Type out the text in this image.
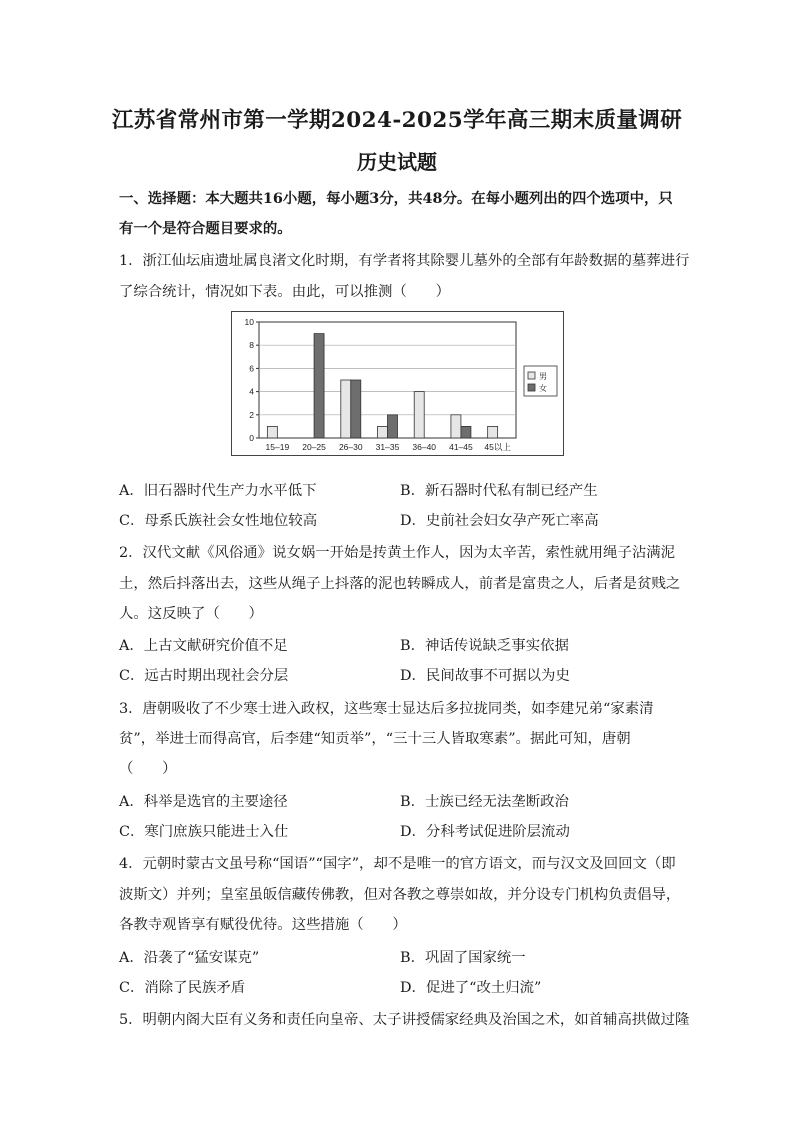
江苏省常州市第一学期2024-2025学年高三期末质量调研
历史试题
一、选择题：本大题共16小题，每小题3分，共48分。在每小题列出的四个选项中，只
有一个是符合题目要求的。
1．浙江仙坛庙遗址属良渚文化时期，有学者将其除婴儿墓外的全部有年龄数据的墓葬进行
了综合统计，情况如下表。由此，可以推测（　　）
0
2
4
6
8
10
15–19 20–25 26–30 31–35 36–40 41–45 45以上
男
女
A．旧石器时代生产力水平低下	B．新石器时代私有制已经产生
C．母系氏族社会女性地位较高	D．史前社会妇女孕产死亡率高
2．汉代文献《风俗通》说女娲一开始是抟黄土作人，因为太辛苦，索性就用绳子沾满泥
土，然后抖落出去，这些从绳子上抖落的泥也转瞬成人，前者是富贵之人，后者是贫贱之
人。这反映了（　　）
A．上古文献研究价值不足	B．神话传说缺乏事实依据
C．远古时期出现社会分层	D．民间故事不可据以为史
3．唐朝吸收了不少寒士进入政权，这些寒士显达后多拉拢同类，如李建兄弟“家素清
贫”，举进士而得高官，后李建“知贡举”，“三十三人皆取寒素”。据此可知，唐朝
（　　）
A．科举是选官的主要途径	B．士族已经无法垄断政治
C．寒门庶族只能进士入仕	D．分科考试促进阶层流动
4．元朝时蒙古文虽号称“国语”“国字”，却不是唯一的官方语文，而与汉文及回回文（即
波斯文）并列；皇室虽皈信藏传佛教，但对各教之尊崇如故，并分设专门机构负责倡导，
各教寺观皆享有赋役优待。这些措施（　　）
A．沿袭了“猛安谋克”	B．巩固了国家统一
C．消除了民族矛盾	D．促进了“改土归流”
5．明朝内阁大臣有义务和责任向皇帝、太子讲授儒家经典及治国之术，如首辅高拱做过隆
